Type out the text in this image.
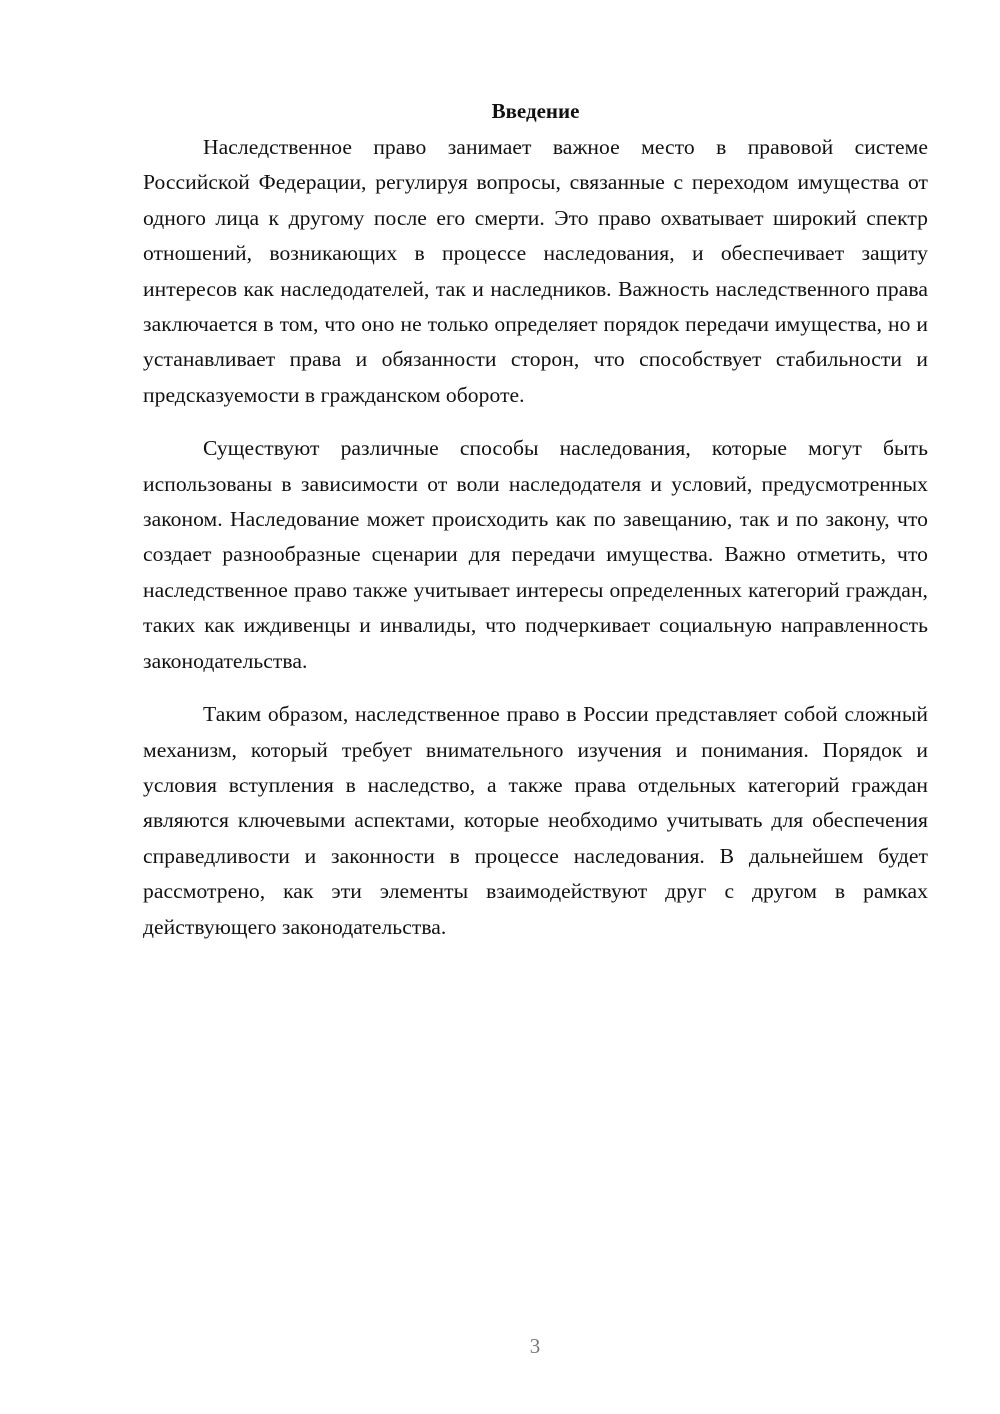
Введение

Наследственное право занимает важное место в правовой системе Российской Федерации, регулируя вопросы, связанные с переходом имущества от одного лица к другому после его смерти. Это право охватывает широкий спектр отношений, возникающих в процессе наследования, и обеспечивает защиту интересов как наследодателей, так и наследников. Важность наследственного права заключается в том, что оно не только определяет порядок передачи имущества, но и устанавливает права и обязанности сторон, что способствует стабильности и предсказуемости в гражданском обороте.

Существуют различные способы наследования, которые могут быть использованы в зависимости от воли наследодателя и условий, предусмотренных законом. Наследование может происходить как по завещанию, так и по закону, что создает разнообразные сценарии для передачи имущества. Важно отметить, что наследственное право также учитывает интересы определенных категорий граждан, таких как иждивенцы и инвалиды, что подчеркивает социальную направленность законодательства.

Таким образом, наследственное право в России представляет собой сложный механизм, который требует внимательного изучения и понимания. Порядок и условия вступления в наследство, а также права отдельных категорий граждан являются ключевыми аспектами, которые необходимо учитывать для обеспечения справедливости и законности в процессе наследования. В дальнейшем будет рассмотрено, как эти элементы взаимодействуют друг с другом в рамках действующего законодательства.

3
